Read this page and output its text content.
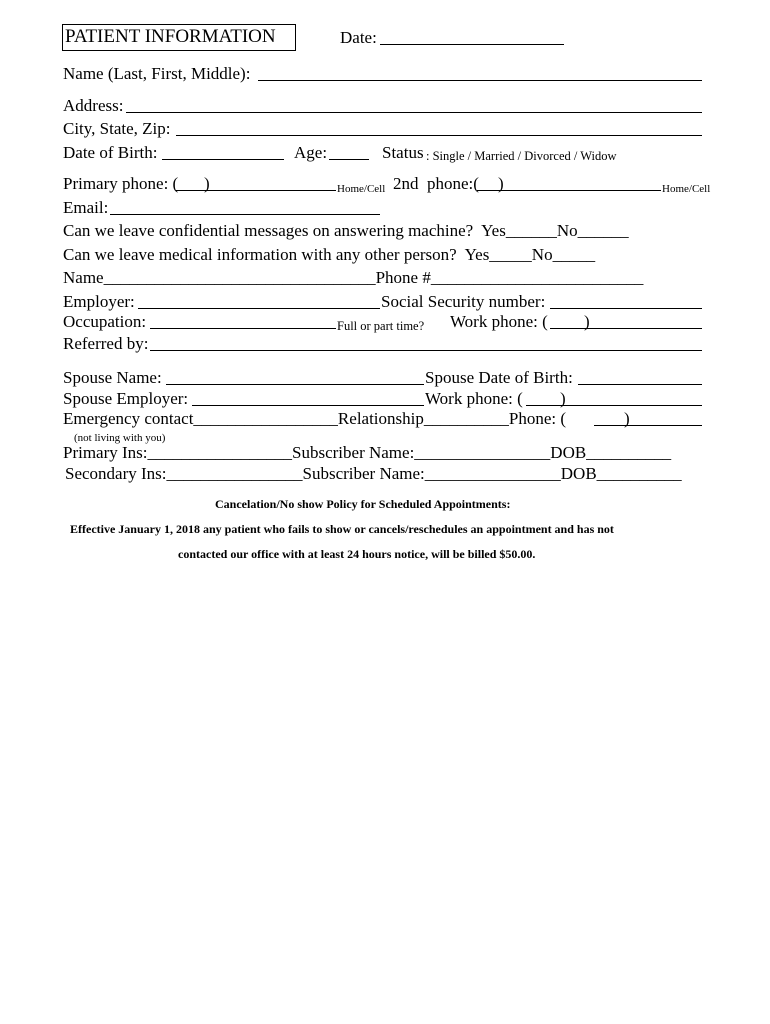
PATIENT INFORMATION	Date:
Name (Last, First, Middle):
Address:
City, State, Zip:
Date of Birth:	Age:	Status : Single / Married / Divorced / Widow
Primary phone: ( )	Home/Cell 2nd  phone:( )	Home/Cell
Email:
Can we leave confidential messages on answering machine?  Yes______No______
Can we leave medical information with any other person?  Yes_____No_____
Name________________________________Phone #_________________________
Employer:	Social Security number:
Occupation:	Full or part time? Work phone: ( )
Referred by:
Spouse Name:	Spouse Date of Birth:
Spouse Employer:	Work phone: ( )
Emergency contact_________________Relationship__________Phone: (	)
(not living with you)
Primary Ins:_________________Subscriber Name:________________DOB__________
Secondary Ins:________________Subscriber Name:________________DOB__________
Cancelation/No show Policy for Scheduled Appointments:
Effective January 1, 2018 any patient who fails to show or cancels/reschedules an appointment and has not
contacted our office with at least 24 hours notice, will be billed $50.00.
